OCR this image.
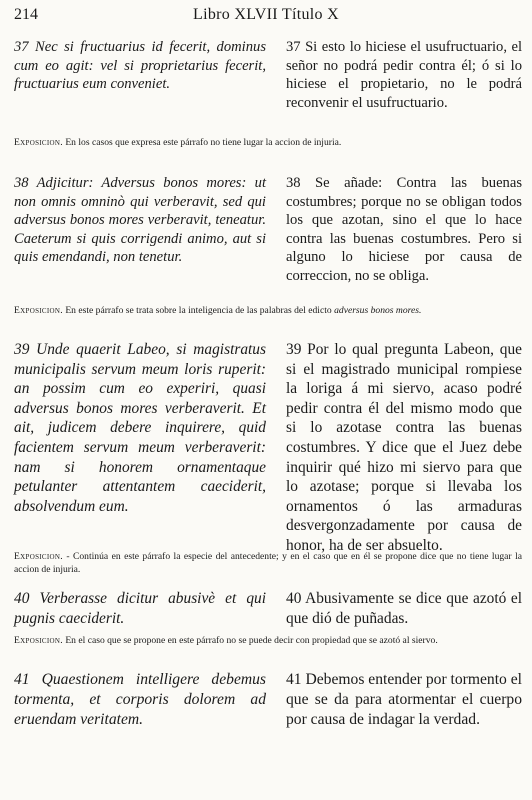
214	Libro XLVII Título X

37 Nec si fructuarius id fecerit, dominus cum eo agit: vel si proprietarius fecerit, fructuarius eum conveniet.

37 Si esto lo hiciese el usufructuario, el señor no podrá pedir contra él; ó si lo hiciese el propietario, no le podrá reconvenir el usufructuario.

Exposicion. En los casos que expresa este párrafo no tiene lugar la accion de injuria.

38 Adjicitur: Adversus bonos mores: ut non omnis omninò qui verberavit, sed qui adversus bonos mores verberavit, teneatur. Caeterum si quis corrigendi animo, aut si quis emendandi, non tenetur.

38 Se añade: Contra las buenas costumbres; porque no se obligan todos los que azotan, sino el que lo hace contra las buenas costumbres. Pero si alguno lo hiciese por causa de correccion, no se obliga.

Exposicion. En este párrafo se trata sobre la inteligencia de las palabras del edicto adversus bonos mores.

39 Unde quaerit Labeo, si magistratus municipalis servum meum loris ruperit: an possim cum eo experiri, quasi adversus bonos mores verberaverit. Et ait, judicem debere inquirere, quid facientem servum meum verberaverit: nam si honorem ornamentaque petulanter attentantem caeciderit, absolvendum eum.

39 Por lo qual pregunta Labeon, que si el magistrado municipal rompiese la loriga á mi siervo, acaso podré pedir contra él del mismo modo que si lo azotase contra las buenas costumbres. Y dice que el Juez debe inquirir qué hizo mi siervo para que lo azotase; porque si llevaba los ornamentos ó las armaduras desvergonzadamente por causa de honor, ha de ser absuelto.

Exposicion. - Continúa en este párrafo la especie del antecedente; y en el caso que en él se propone dice que no tiene lugar la accion de injuria.

40 Verberasse dicitur abusivè et qui pugnis caeciderit.

40 Abusivamente se dice que azotó el que dió de puñadas.

Exposicion. En el caso que se propone en este párrafo no se puede decir con propiedad que se azotó al siervo.

41 Quaestionem intelligere debemus tormenta, et corporis dolorem ad eruendam veritatem.

41 Debemos entender por tormento el que se da para atormentar el cuerpo por causa de indagar la verdad.
